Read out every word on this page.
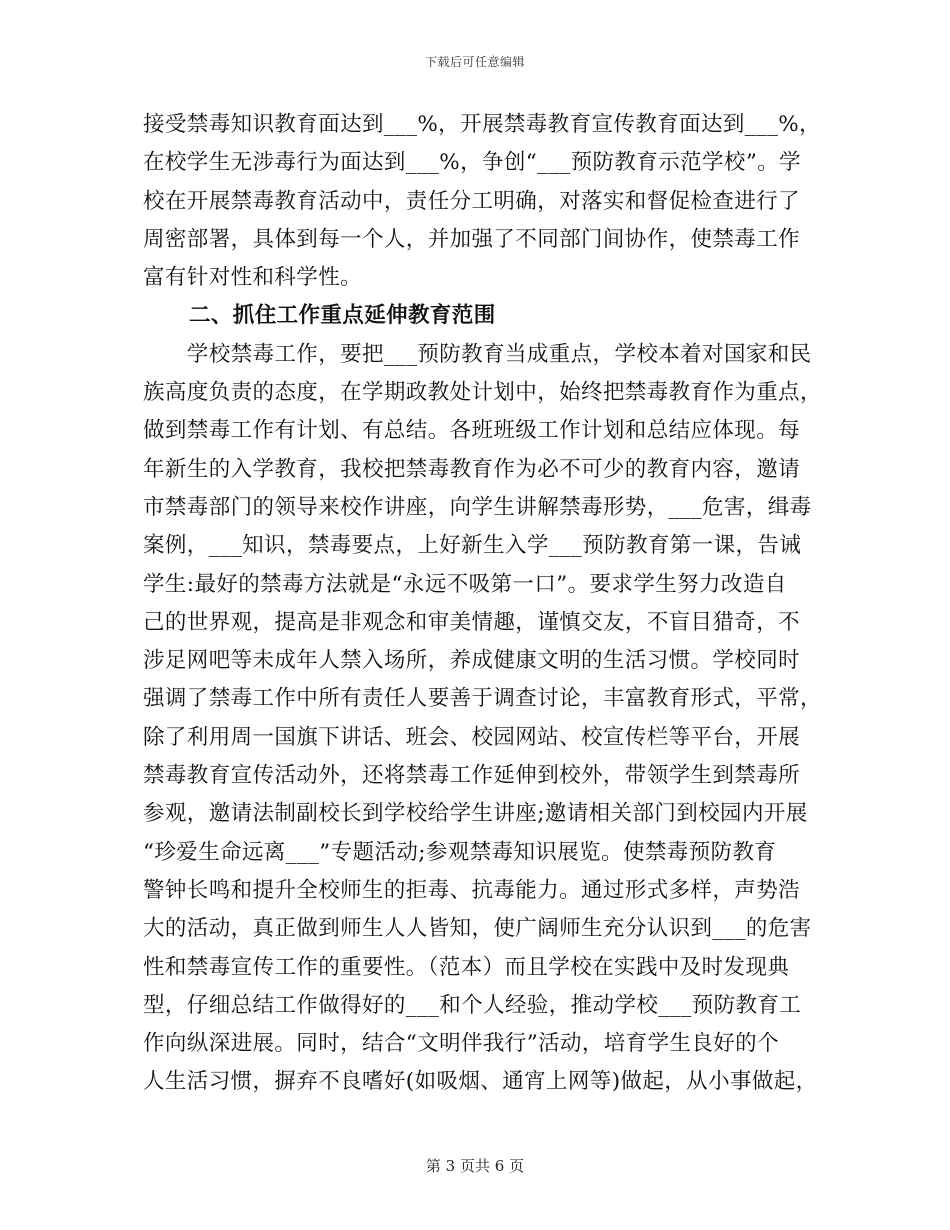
下载后可任意编辑
接受禁毒知识教育面达到___%，开展禁毒教育宣传教育面达到___%，
在校学生无涉毒行为面达到___%，争创“___预防教育示范学校”。学
校在开展禁毒教育活动中，责任分工明确，对落实和督促检查进行了
周密部署，具体到每一个人，并加强了不同部门间协作，使禁毒工作
富有针对性和科学性。
二、抓住工作重点延伸教育范围
　　学校禁毒工作，要把___预防教育当成重点，学校本着对国家和民
族高度负责的态度，在学期政教处计划中，始终把禁毒教育作为重点，
做到禁毒工作有计划、有总结。各班班级工作计划和总结应体现。每
年新生的入学教育，我校把禁毒教育作为必不可少的教育内容，邀请
市禁毒部门的领导来校作讲座，向学生讲解禁毒形势，___危害，缉毒
案例，___知识，禁毒要点，上好新生入学___预防教育第一课，告诫
学生:最好的禁毒方法就是“永远不吸第一口”。要求学生努力改造自
己的世界观，提高是非观念和审美情趣，谨慎交友，不盲目猎奇，不
涉足网吧等未成年人禁入场所，养成健康文明的生活习惯。学校同时
强调了禁毒工作中所有责任人要善于调查讨论，丰富教育形式，平常，
除了利用周一国旗下讲话、班会、校园网站、校宣传栏等平台，开展
禁毒教育宣传活动外，还将禁毒工作延伸到校外，带领学生到禁毒所
参观，邀请法制副校长到学校给学生讲座;邀请相关部门到校园内开展
“珍爱生命远离___”专题活动;参观禁毒知识展览。使禁毒预防教育
警钟长鸣和提升全校师生的拒毒、抗毒能力。通过形式多样，声势浩
大的活动，真正做到师生人人皆知，使广阔师生充分认识到___的危害
性和禁毒宣传工作的重要性。（范本）而且学校在实践中及时发现典
型，仔细总结工作做得好的___和个人经验，推动学校___预防教育工
作向纵深进展。同时，结合“文明伴我行”活动，培育学生良好的个
人生活习惯，摒弃不良嗜好(如吸烟、通宵上网等)做起，从小事做起，
第 3 页共 6 页
